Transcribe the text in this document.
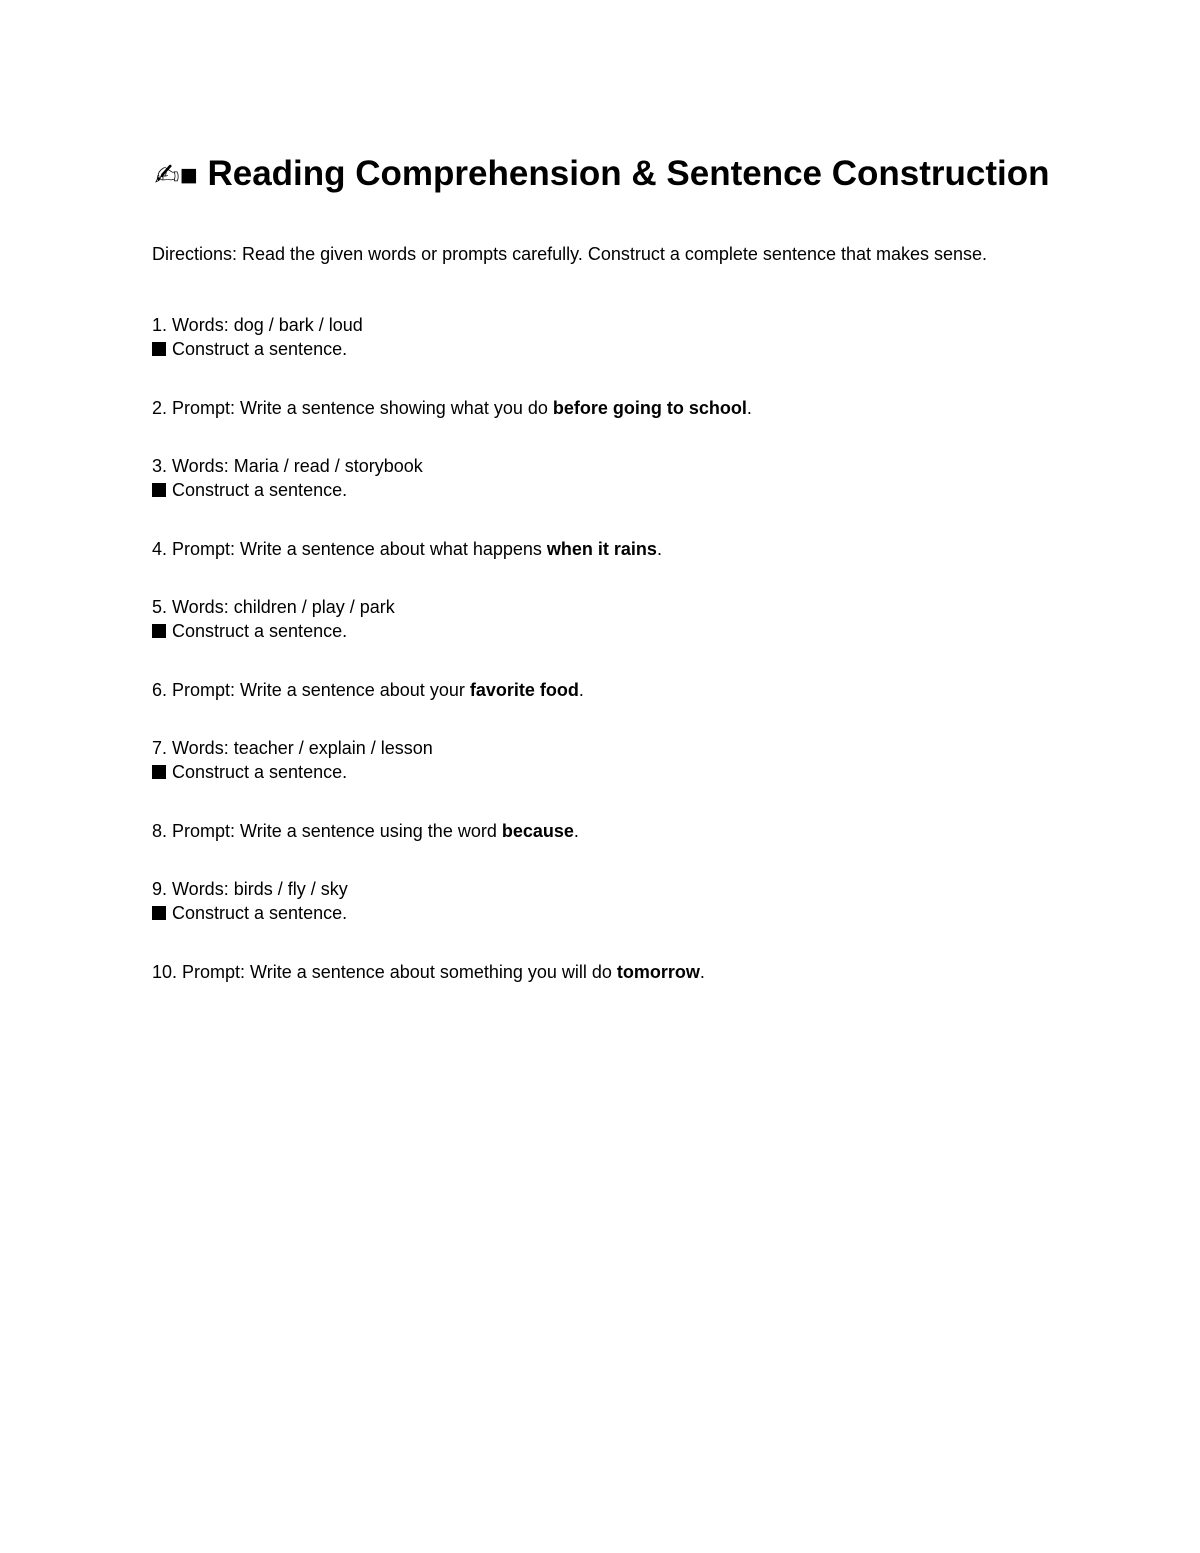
✍■ Reading Comprehension & Sentence Construction

Directions: Read the given words or prompts carefully. Construct a complete sentence that makes sense.

1. Words: dog / bark / loud
Construct a sentence.
2. Prompt: Write a sentence showing what you do before going to school.
3. Words: Maria / read / storybook
Construct a sentence.
4. Prompt: Write a sentence about what happens when it rains.
5. Words: children / play / park
Construct a sentence.
6. Prompt: Write a sentence about your favorite food.
7. Words: teacher / explain / lesson
Construct a sentence.
8. Prompt: Write a sentence using the word because.
9. Words: birds / fly / sky
Construct a sentence.
10. Prompt: Write a sentence about something you will do tomorrow.
